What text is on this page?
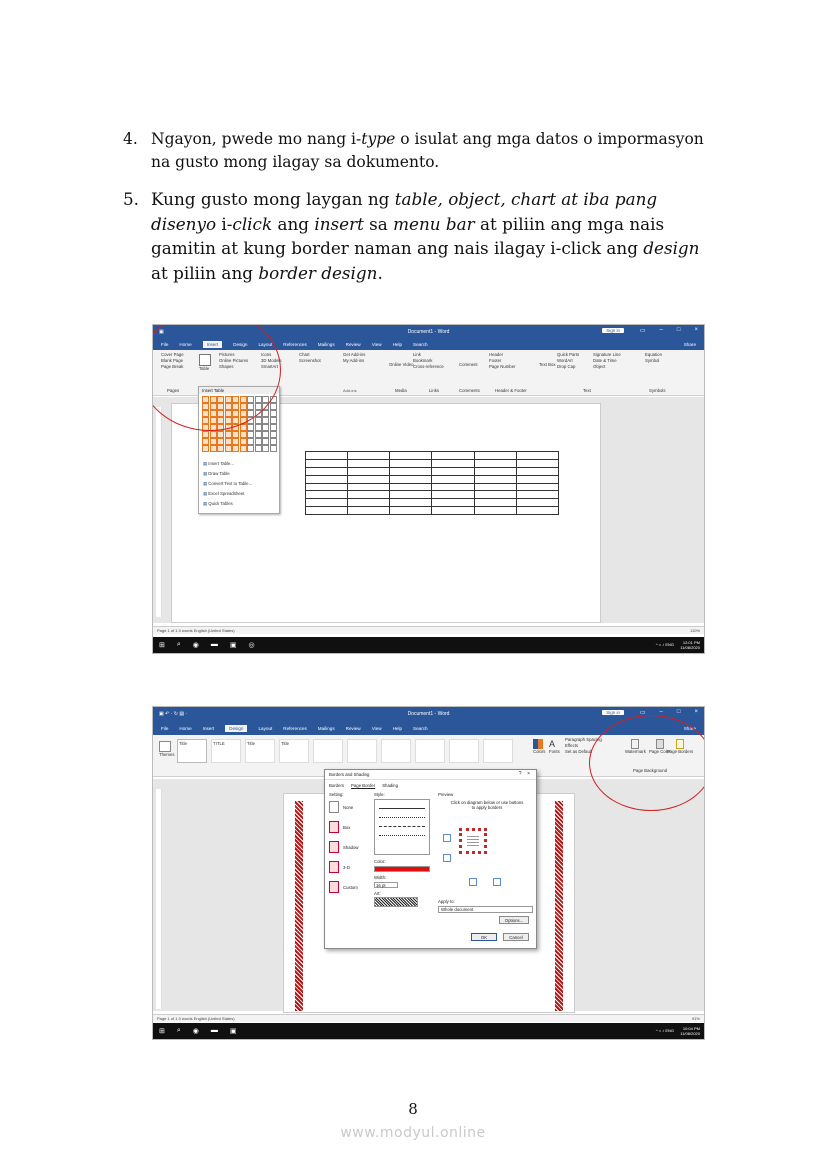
4. Ngayon, pwede mo nang i-type o isulat ang mga datos o impormasyon na gusto mong ilagay sa dokumento.
5. Kung gusto mong laygan ng table, object, chart at iba pang disenyo i-click ang insert sa menu bar at piliin ang mga nais gamitin at kung border naman ang nais ilagay i-click ang design at piliin ang border design.
▣	Document1 - Word	Sign in	▭ – □ ×
File Home	Insert	Design Layout References Mailings Review View Help Search	Share
Cover Page
Blank Page
Page Break	Table
Pictures
Online Pictures
Shapes
Icons
3D Models
SmartArt
Chart
Screenshot
Get Add-ins
My Add-ins
Add-ins
Online Video
Link
Bookmark
Cross-reference	Comment
Header
Footer
Page Number	Text Box
Quick Parts
WordArt
Drop Cap
Signature Line
Date & Time
Object
Equation
Symbol
Pages	Media	Links	Comments	Header & Footer	Text	Symbols

Insert Table
▦ Insert Table...
▦ Draw Table
▦ Convert Text to Table...
▦ Excel Spreadsheet
▦ Quick Tables
Page 1 of 1 0 words English (United States)	110%
⊞ ⌕ ◉ ▬ ▣ ◎	^ ⌂ ♪ ENG	12:01 PM
11/08/2020
▣ ↶ · ↻ ▤ ·	Document1 - Word	Sign in	▭ – □ ×
File Home Insert	Design	Layout References Mailings Review View Help Search	Share
Themes
Title	TITLE	Title	Title
Colors
A
Fonts
Paragraph Spacing
Effects
Set as Default	Watermark Page Color
Page Borders
Page Background
Borders and Shading	?    ×
Borders Page Border Shading
Setting:
None
Box
Shadow
3-D
Custom
Style:
Color:
Width:
16 pt
Art:
Preview
Click on diagram below or use buttons to apply borders
Apply to:
Whole document
Options...
OK	Cancel
Page 1 of 1 0 words English (United States)	91%
⊞ ⌕ ◉ ▬ ▣	^ ⌂ ♪ ENG	10:04 PM
11/08/2020
8
www.modyul.online
